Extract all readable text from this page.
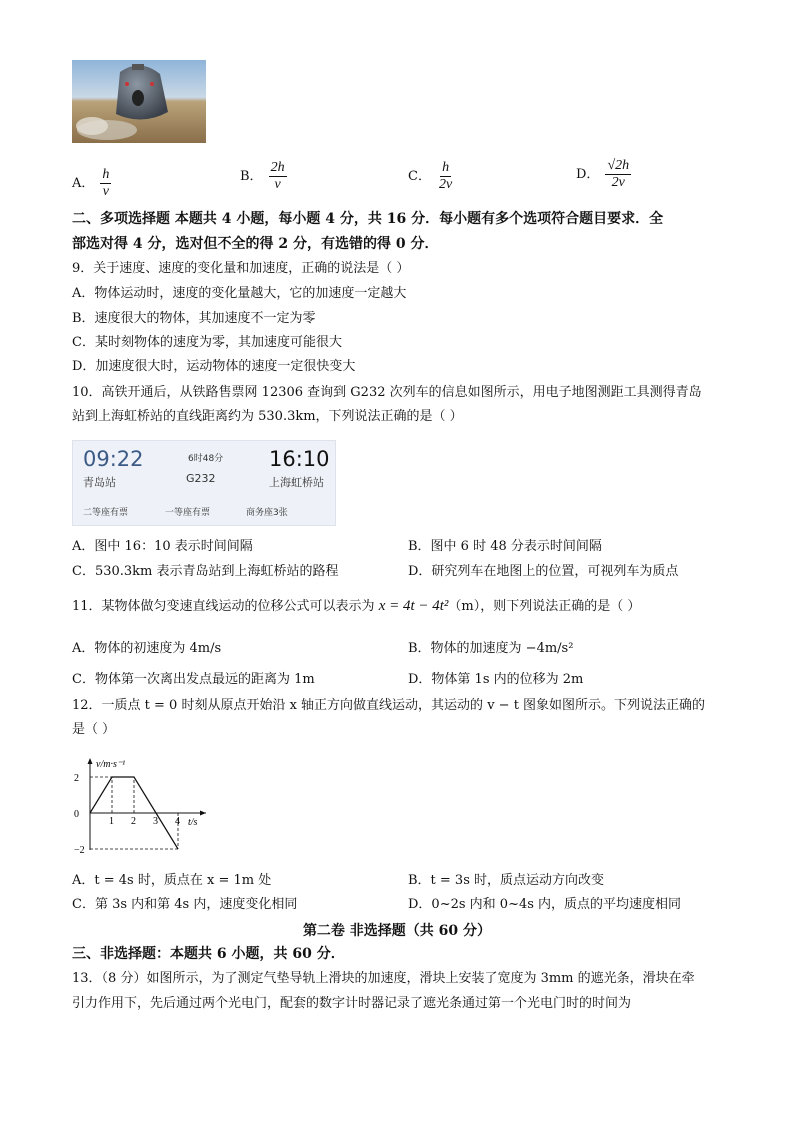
A． $\frac{h}{v}$	B． $\frac{2h}{v}$	C． $\frac{h}{2v}$	D． $\frac{√2h}{2v}$
二、多项选择题 本题共 4 小题，每小题 4 分，共 16 分．每小题有多个选项符合题目要求．全
部选对得 4 分，选对但不全的得 2 分，有选错的得 0 分．
9．关于速度、速度的变化量和加速度，正确的说法是（ ）
A．物体运动时，速度的变化量越大，它的加速度一定越大
B．速度很大的物体，其加速度不一定为零
C．某时刻物体的速度为零，其加速度可能很大
D．加速度很大时，运动物体的速度一定很快变大
10．高铁开通后，从铁路售票网 12306 查询到 G232 次列车的信息如图所示，用电子地图测距工具测得青岛
站到上海虹桥站的直线距离约为 530.3km，下列说法正确的是（ ）
09:22	6时48分 16:10
青岛站	G232	上海虹桥站
二等座有票	一等座有票	商务座3张
A．图中 16：10 表示时间间隔	B．图中 6 时 48 分表示时间间隔
C．530.3km 表示青岛站到上海虹桥站的路程	D．研究列车在地图上的位置，可视列车为质点
11．某物体做匀变速直线运动的位移公式可以表示为 x = 4t − 4t²（m），则下列说法正确的是（ ）
A．物体的初速度为 4m/s	B．物体的加速度为 −4m/s²
C．物体第一次离出发点最远的距离为 1m	D．物体第 1s 内的位移为 2m
12．一质点 t = 0 时刻从原点开始沿 x 轴正方向做直线运动，其运动的 v − t 图象如图所示。下列说法正确的
是（ ）
v/m·s⁻¹
t/s
1 2 3 4
2
0
−2
A．t = 4s 时，质点在 x = 1m 处	B．t = 3s 时，质点运动方向改变
C．第 3s 内和第 4s 内，速度变化相同	D．0~2s 内和 0~4s 内，质点的平均速度相同
第二卷 非选择题（共 60 分）
三、非选择题：本题共 6 小题，共 60 分．
13．（8 分）如图所示，为了测定气垫导轨上滑块的加速度，滑块上安装了宽度为 3mm 的遮光条，滑块在牵
引力作用下，先后通过两个光电门，配套的数字计时器记录了遮光条通过第一个光电门时的时间为
